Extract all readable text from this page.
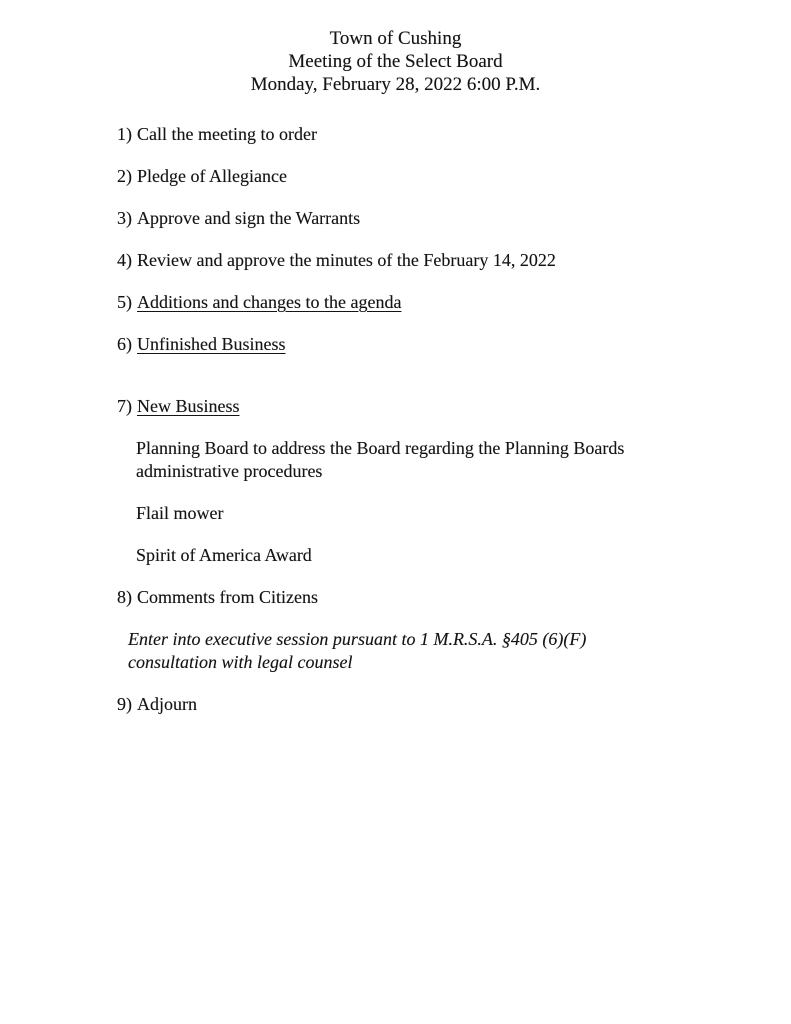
Town of Cushing
Meeting of the Select Board
Monday, February 28, 2022 6:00 P.M.
1) Call the meeting to order
2) Pledge of Allegiance
3) Approve and sign the Warrants
4) Review and approve the minutes of the February 14, 2022
5) Additions and changes to the agenda
6) Unfinished Business
7) New Business
Planning Board to address the Board regarding the Planning Boards
administrative procedures
Flail mower
Spirit of America Award
8) Comments from Citizens
Enter into executive session pursuant to 1 M.R.S.A. §405 (6)(F)
consultation with legal counsel
9) Adjourn
